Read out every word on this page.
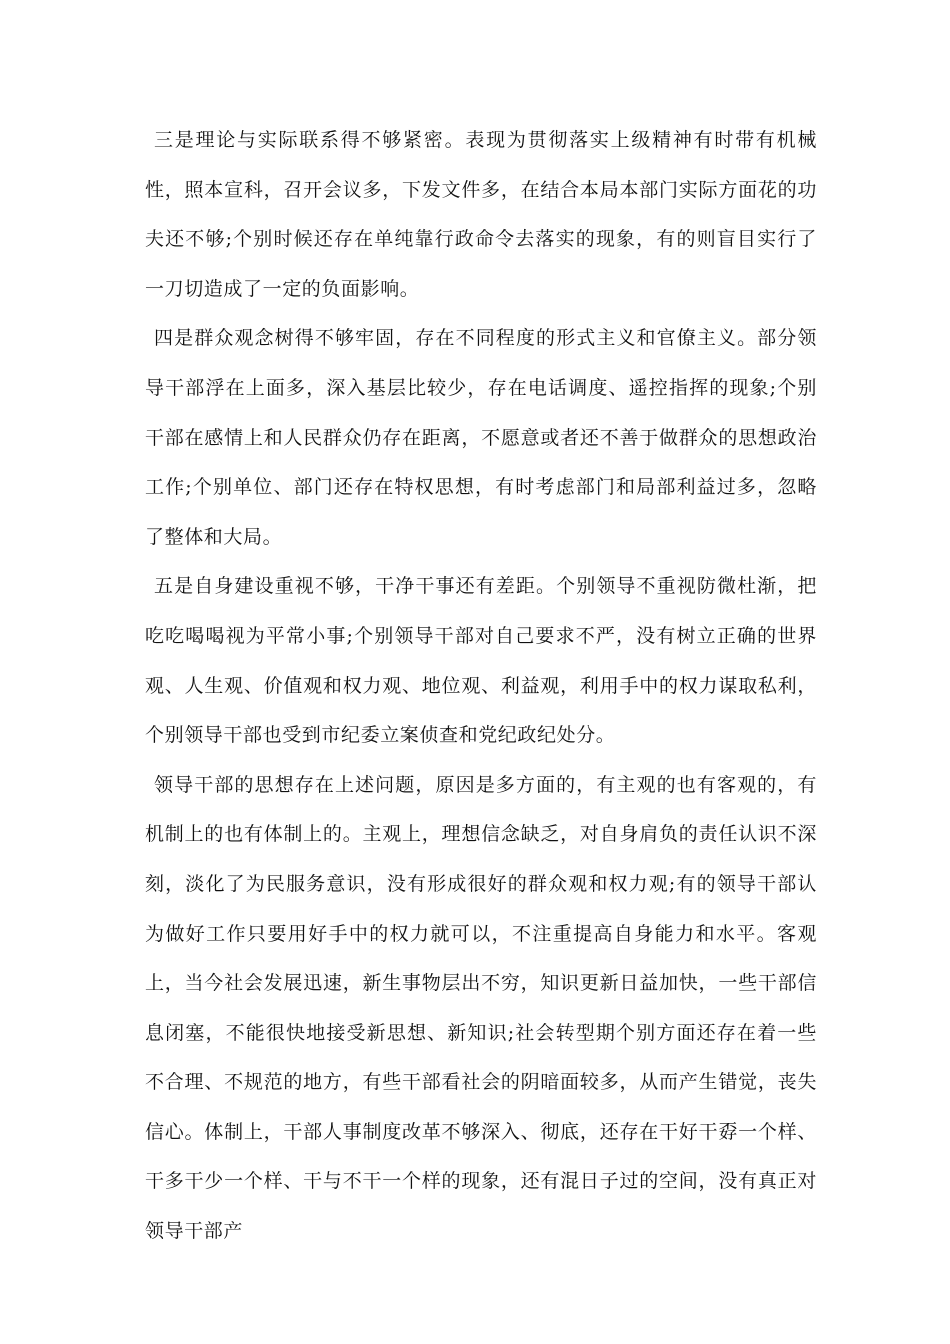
三是理论与实际联系得不够紧密。表现为贯彻落实上级精神有时带有机械性，照本宣科，召开会议多，下发文件多，在结合本局本部门实际方面花的功夫还不够;个别时候还存在单纯靠行政命令去落实的现象，有的则盲目实行了一刀切造成了一定的负面影响。

四是群众观念树得不够牢固，存在不同程度的形式主义和官僚主义。部分领导干部浮在上面多，深入基层比较少，存在电话调度、遥控指挥的现象;个别干部在感情上和人民群众仍存在距离，不愿意或者还不善于做群众的思想政治工作;个别单位、部门还存在特权思想，有时考虑部门和局部利益过多，忽略了整体和大局。

五是自身建设重视不够，干净干事还有差距。个别领导不重视防微杜渐，把吃吃喝喝视为平常小事;个别领导干部对自己要求不严，没有树立正确的世界观、人生观、价值观和权力观、地位观、利益观，利用手中的权力谋取私利，个别领导干部也受到市纪委立案侦查和党纪政纪处分。

领导干部的思想存在上述问题，原因是多方面的，有主观的也有客观的，有机制上的也有体制上的。主观上，理想信念缺乏，对自身肩负的责任认识不深刻，淡化了为民服务意识，没有形成很好的群众观和权力观;有的领导干部认为做好工作只要用好手中的权力就可以，不注重提高自身能力和水平。客观上，当今社会发展迅速，新生事物层出不穷，知识更新日益加快，一些干部信息闭塞，不能很快地接受新思想、新知识;社会转型期个别方面还存在着一些不合理、不规范的地方，有些干部看社会的阴暗面较多，从而产生错觉，丧失信心。体制上，干部人事制度改革不够深入、彻底，还存在干好干孬一个样、干多干少一个样、干与不干一个样的现象，还有混日子过的空间，没有真正对领导干部产
